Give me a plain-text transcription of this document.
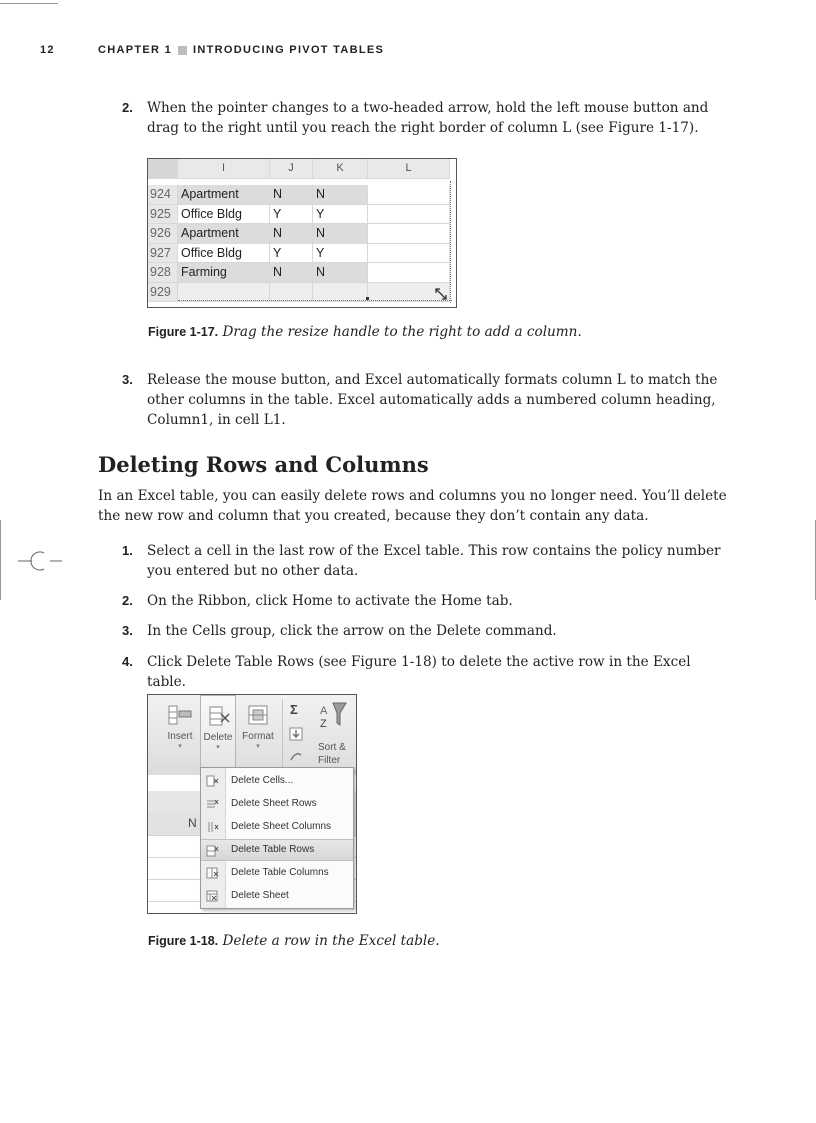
12	CHAPTER 1 INTRODUCING PIVOT TABLES
2. When the pointer changes to a two-headed arrow, hold the left mouse button and drag to the right until you reach the right border of column L (see Figure 1-17).
I	J	K	L
924 Apartment	N	N
925 Office Bldg	Y	Y
926 Apartment	N	N
927 Office Bldg	Y	Y
928 Farming	N	N
929
Figure 1-17. Drag the resize handle to the right to add a column.
3. Release the mouse button, and Excel automatically formats column L to match the other columns in the table. Excel automatically adds a numbered column heading, Column1, in cell L1.
Deleting Rows and Columns

In an Excel table, you can easily delete rows and columns you no longer need. You’ll delete the new row and column that you created, because they don’t contain any data.

1. Select a cell in the last row of the Excel table. This row contains the policy number you entered but no other data.
2. On the Ribbon, click Home to activate the Home tab.
3. In the Cells group, click the arrow on the Delete command.
4. Click Delete Table Rows (see Figure 1-18) to delete the active row in the Excel table.
Insert
▾
Delete
▾
Format
▾
Σ A
Z
Sort &
Filter
N
Delete Cells...
Delete Sheet Rows
Delete Sheet Columns
Delete Table Rows
Delete Table Columns
Delete Sheet
Figure 1-18. Delete a row in the Excel table.
